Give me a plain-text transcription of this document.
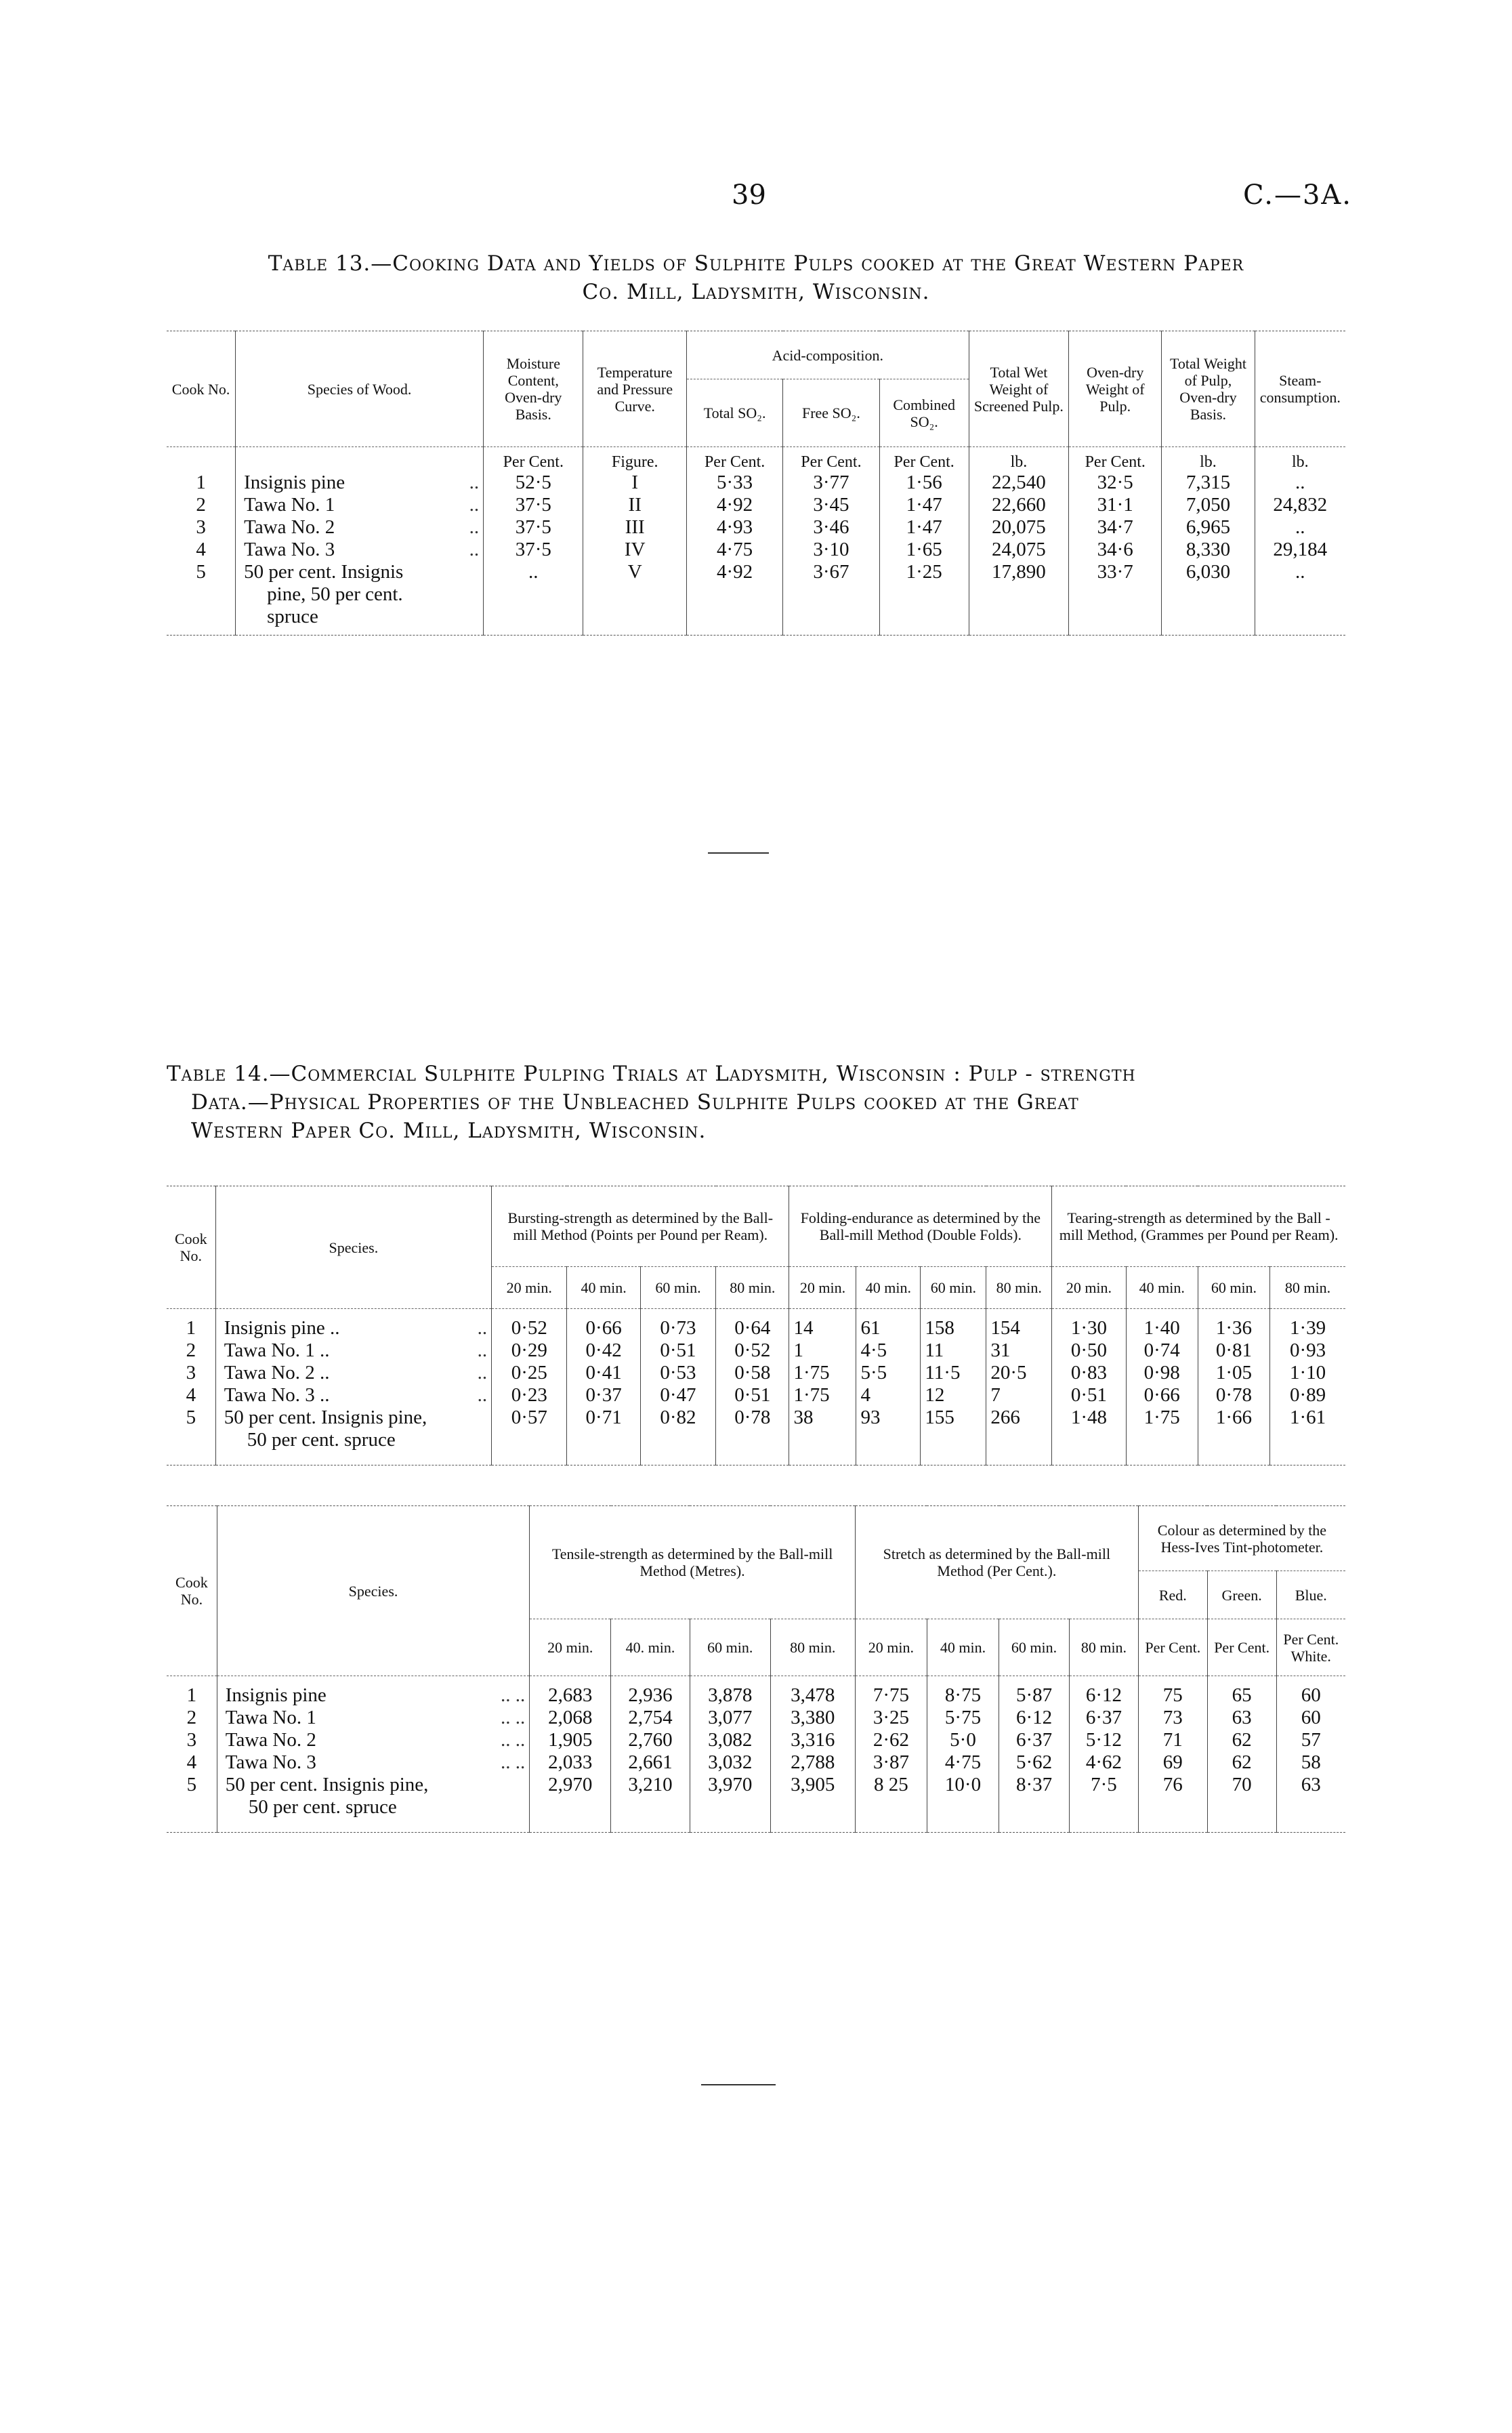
39	C.—3A.
Table 13.—Cooking Data and Yields of Sulphite Pulps cooked at the Great Western Paper
Co. Mill, Ladysmith, Wisconsin.
Cook No.	Species of Wood.	Moisture Content, Oven-dry Basis.	Temperature and Pressure Curve.	Acid-composition.			Total Wet Weight of Screened Pulp.	Oven-dry Weight of Pulp.	Total Weight of Pulp, Oven-dry Basis.	Steam-consumption.
				Total SO₂.	Free SO₂.	Combined SO₂.				
		Per Cent.	Figure.	Per Cent.	Per Cent.	Per Cent.	lb.	Per Cent.	lb.	lb.
1	Insignis pine ..	52·5	I	5·33	3·77	1·56	22,540	32·5	7,315	..
2	Tawa No. 1 ..	37·5	II	4·92	3·45	1·47	22,660	31·1	7,050	24,832
3	Tawa No. 2 ..	37·5	III	4·93	3·46	1·47	20,075	34·7	6,965	..
4	Tawa No. 3 ..	37·5	IV	4·75	3·10	1·65	24,075	34·6	8,330	29,184
5	50 per cent. Insignis
pine, 50 per cent.
spruce	..	V	4·92	3·67	1·25	17,890	33·7	6,030	..

Table 14.—Commercial Sulphite Pulping Trials at Ladysmith, Wisconsin : Pulp - strength
Data.—Physical Properties of the Unbleached Sulphite Pulps cooked at the Great
Western Paper Co. Mill, Ladysmith, Wisconsin.
Cook No.	Species.	Bursting-strength as determined by the Ball-mill Method (Points per Pound per Ream).				Folding-endurance as determined by the Ball-mill Method (Double Folds).				Tearing-strength as determined by the Ball - mill Method, (Grammes per Pound per Ream).			
		20 min.	40 min.	60 min.	80 min.	20 min.	40 min.	60 min.	80 min.	20 min.	40 min.	60 min.	80 min.

1	Insignis pine .. ..	0·52	0·66	0·73	0·64	14	61	158	154	1·30	1·40	1·36	1·39
2	Tawa No. 1 .. ..	0·29	0·42	0·51	0·52	1	4·5	11	31	0·50	0·74	0·81	0·93
3	Tawa No. 2 .. ..	0·25	0·41	0·53	0·58	1·75	5·5	11·5	20·5	0·83	0·98	1·05	1·10
4	Tawa No. 3 .. ..	0·23	0·37	0·47	0·51	1·75	4	12	7	0·51	0·66	0·78	0·89
5	50 per cent. Insignis pine,
50 per cent. spruce	0·57	0·71	0·82	0·78	38	93	155	266	1·48	1·75	1·66	1·61

Cook No.	Species.	Tensile-strength as determined by the Ball-mill Method (Metres).				Stretch as determined by the Ball-mill Method (Per Cent.).				Colour as determined by the Hess-Ives Tint-photometer.		
										Red.	Green.	Blue.
		20 min.	40. min.	60 min.	80 min.	20 min.	40 min.	60 min.	80 min.	Per Cent.	Per Cent.	Per Cent. White.

1	Insignis pine .. ..	2,683	2,936	3,878	3,478	7·75	8·75	5·87	6·12	75	65	60
2	Tawa No. 1 .. ..	2,068	2,754	3,077	3,380	3·25	5·75	6·12	6·37	73	63	60
3	Tawa No. 2 .. ..	1,905	2,760	3,082	3,316	2·62	5·0	6·37	5·12	71	62	57
4	Tawa No. 3 .. ..	2,033	2,661	3,032	2,788	3·87	4·75	5·62	4·62	69	62	58
5	50 per cent. Insignis pine,
50 per cent. spruce	2,970	3,210	3,970	3,905	8 25	10·0	8·37	7·5	76	70	63
